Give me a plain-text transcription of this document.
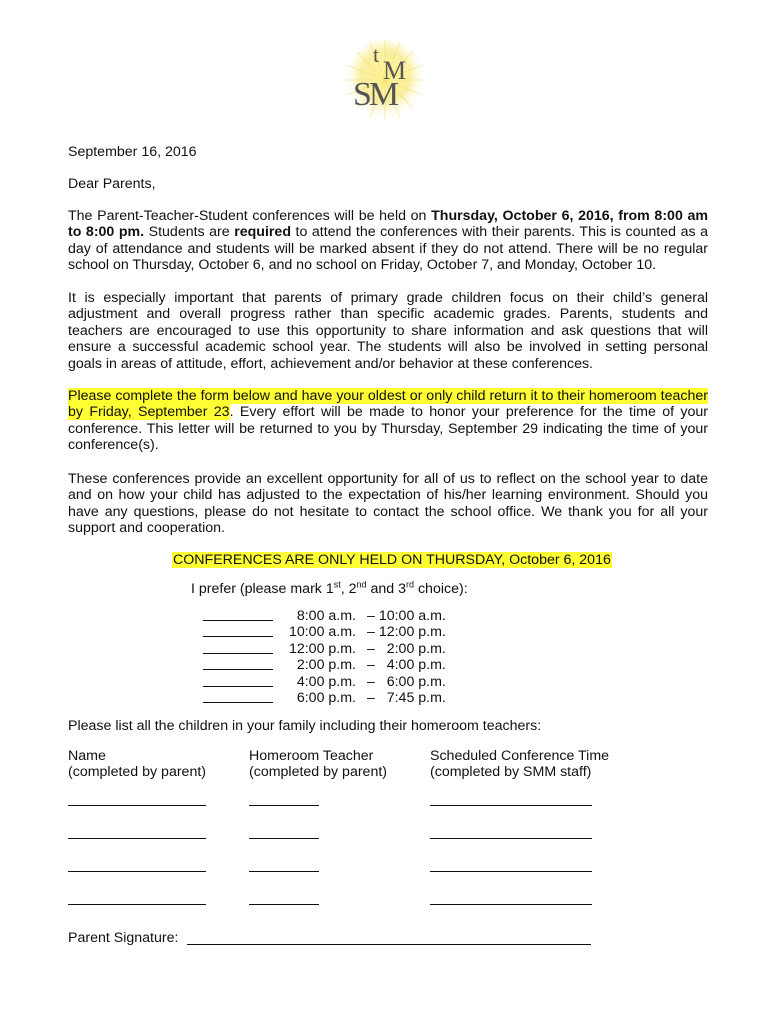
t
M
SM
September 16, 2016
Dear Parents,

The Parent-Teacher-Student conferences will be held on Thursday, October 6, 2016, from 8:00 am to 8:00 pm. Students are required to attend the conferences with their parents. This is counted as a day of attendance and students will be marked absent if they do not attend. There will be no regular school on Thursday, October 6, and no school on Friday, October 7, and Monday, October 10.

It is especially important that parents of primary grade children focus on their child’s general adjustment and overall progress rather than specific academic grades. Parents, students and teachers are encouraged to use this opportunity to share information and ask questions that will ensure a successful academic school year. The students will also be involved in setting personal goals in areas of attitude, effort, achievement and/or behavior at these conferences.

Please complete the form below and have your oldest or only child return it to their homeroom teacher by Friday, September 23. Every effort will be made to honor your preference for the time of your conference. This letter will be returned to you by Thursday, September 29 indicating the time of your conference(s).

These conferences provide an excellent opportunity for all of us to reflect on the school year to date and on how your child has adjusted to the expectation of his/her learning environment. Should you have any questions, please do not hesitate to contact the school office. We thank you for all your support and cooperation.

CONFERENCES ARE ONLY HELD ON THURSDAY, October 6, 2016
I prefer (please mark 1st, 2nd and 3rd choice):
8:00 a.m. – 10:00 a.m.
10:00 a.m. – 12:00 p.m.
12:00 p.m. –   2:00 p.m.
2:00 p.m. –   4:00 p.m.
4:00 p.m. –   6:00 p.m.
6:00 p.m. –   7:45 p.m.
Please list all the children in your family including their homeroom teachers:
Name
(completed by parent)
Homeroom Teacher
(completed by parent)
Scheduled Conference Time
(completed by SMM staff)
Parent Signature:
